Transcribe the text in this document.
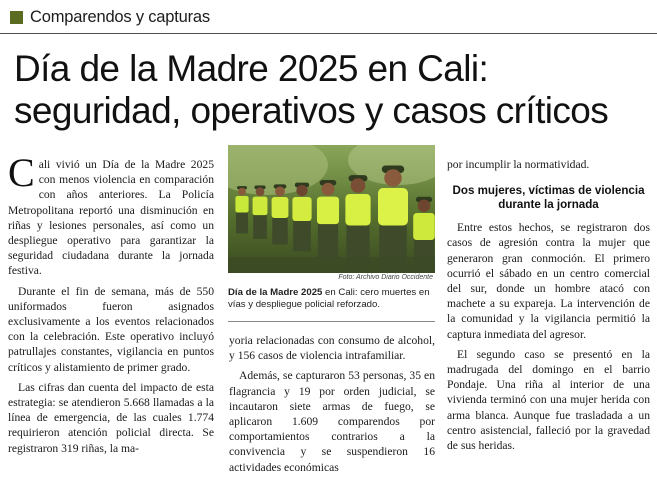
Comparendos y capturas
Día de la Madre 2025 en Cali:
seguridad, operativos y casos críticos

Cali vivió un Día de la Madre 2025 con menos violencia en comparación con años anteriores. La Policía Metropolitana reportó una disminución en riñas y lesiones personales, así como un despliegue operativo para garantizar la seguridad ciudadana durante la jornada festiva.

Durante el fin de semana, más de 550 uniformados fueron asignados exclusivamente a los eventos relacionados con la celebración. Este operativo incluyó patrullajes constantes, vigilancia en puntos críticos y alistamiento de primer grado.

Las cifras dan cuenta del impacto de esta estrategia: se atendieron 5.668 llamadas a la línea de emergencia, de las cuales 1.774 requirieron atención policial directa. Se registraron 319 riñas, la ma-

Foto: Archivo Diario Occidente
Día de la Madre 2025 en Cali: cero muertes en vías y despliegue policial reforzado.

yoria relacionadas con consumo de alcohol, y 156 casos de violencia intrafamiliar.

Además, se capturaron 53 personas, 35 en flagrancia y 19 por orden judicial, se incautaron siete armas de fuego, se aplicaron 1.609 comparendos por comportamientos contrarios a la convivencia y se suspendieron 16 actividades económicas

por incumplir la normatividad.

Dos mujeres, víctimas de violencia durante la jornada

Entre estos hechos, se registraron dos casos de agresión contra la mujer que generaron gran conmoción. El primero ocurrió el sábado en un centro comercial del sur, donde un hombre atacó con machete a su expareja. La intervención de la comunidad y la vigilancia permitió la captura inmediata del agresor.

El segundo caso se presentó en la madrugada del domingo en el barrio Pondaje. Una riña al interior de una vivienda terminó con una mujer herida con arma blanca. Aunque fue trasladada a un centro asistencial, falleció por la gravedad de sus heridas.
